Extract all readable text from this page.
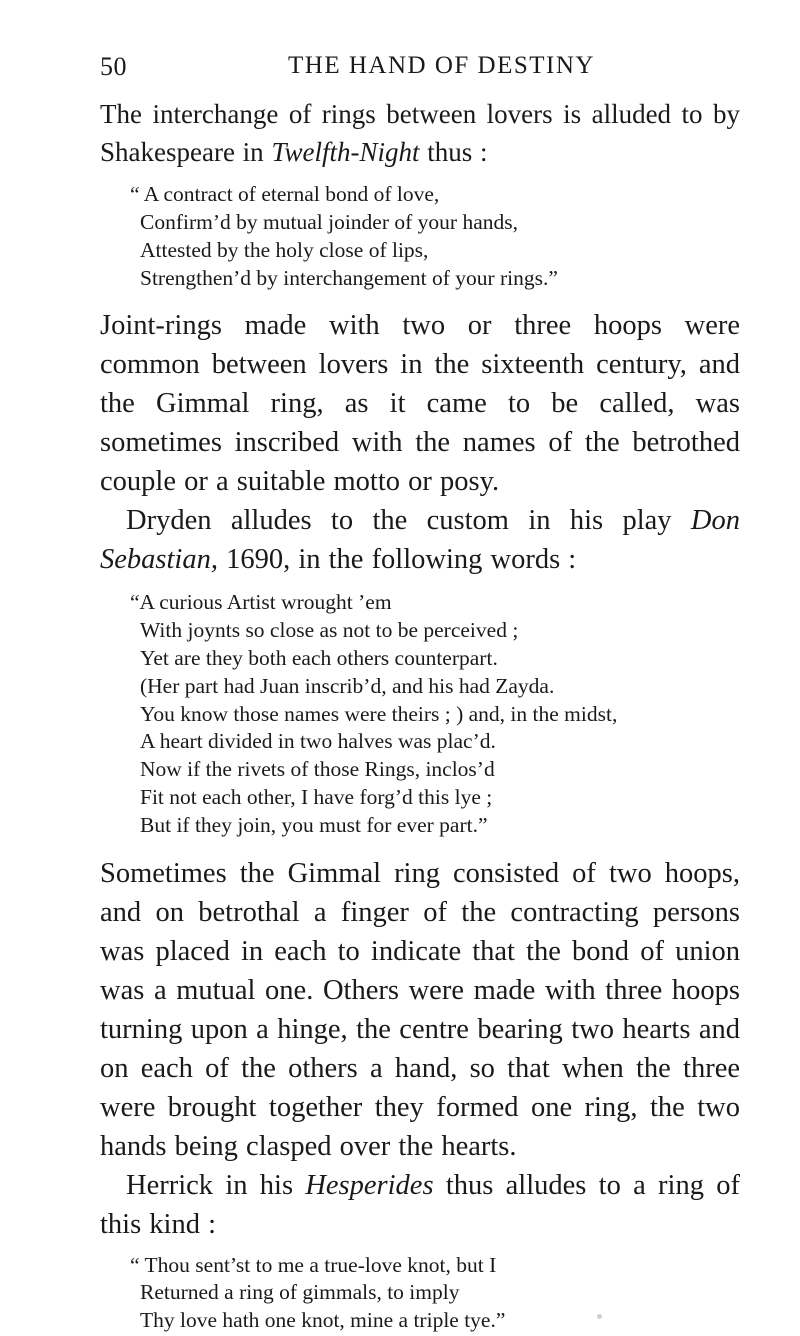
50	THE HAND OF DESTINY

The interchange of rings between lovers is alluded to by Shakespeare in Twelfth-Night thus :

“ A contract of eternal bond of love,
Confirm’d by mutual joinder of your hands,
Attested by the holy close of lips,
Strengthen’d by interchangement of your rings.”

Joint-rings made with two or three hoops were common between lovers in the sixteenth century, and the Gimmal ring, as it came to be called, was sometimes inscribed with the names of the betrothed couple or a suitable motto or posy.

Dryden alludes to the custom in his play Don Sebastian, 1690, in the following words :

“A curious Artist wrought ’em
With joynts so close as not to be perceived ;
Yet are they both each others counterpart.
(Her part had Juan inscrib’d, and his had Zayda.
You know those names were theirs ; ) and, in the midst,
A heart divided in two halves was plac’d.
Now if the rivets of those Rings, inclos’d
Fit not each other, I have forg’d this lye ;
But if they join, you must for ever part.”

Sometimes the Gimmal ring consisted of two hoops, and on betrothal a finger of the contracting persons was placed in each to indicate that the bond of union was a mutual one. Others were made with three hoops turning upon a hinge, the centre bearing two hearts and on each of the others a hand, so that when the three were brought together they formed one ring, the two hands being clasped over the hearts.

Herrick in his Hesperides thus alludes to a ring of this kind :

“ Thou sent’st to me a true-love knot, but I
Returned a ring of gimmals, to imply
Thy love hath one knot, mine a triple tye.”
